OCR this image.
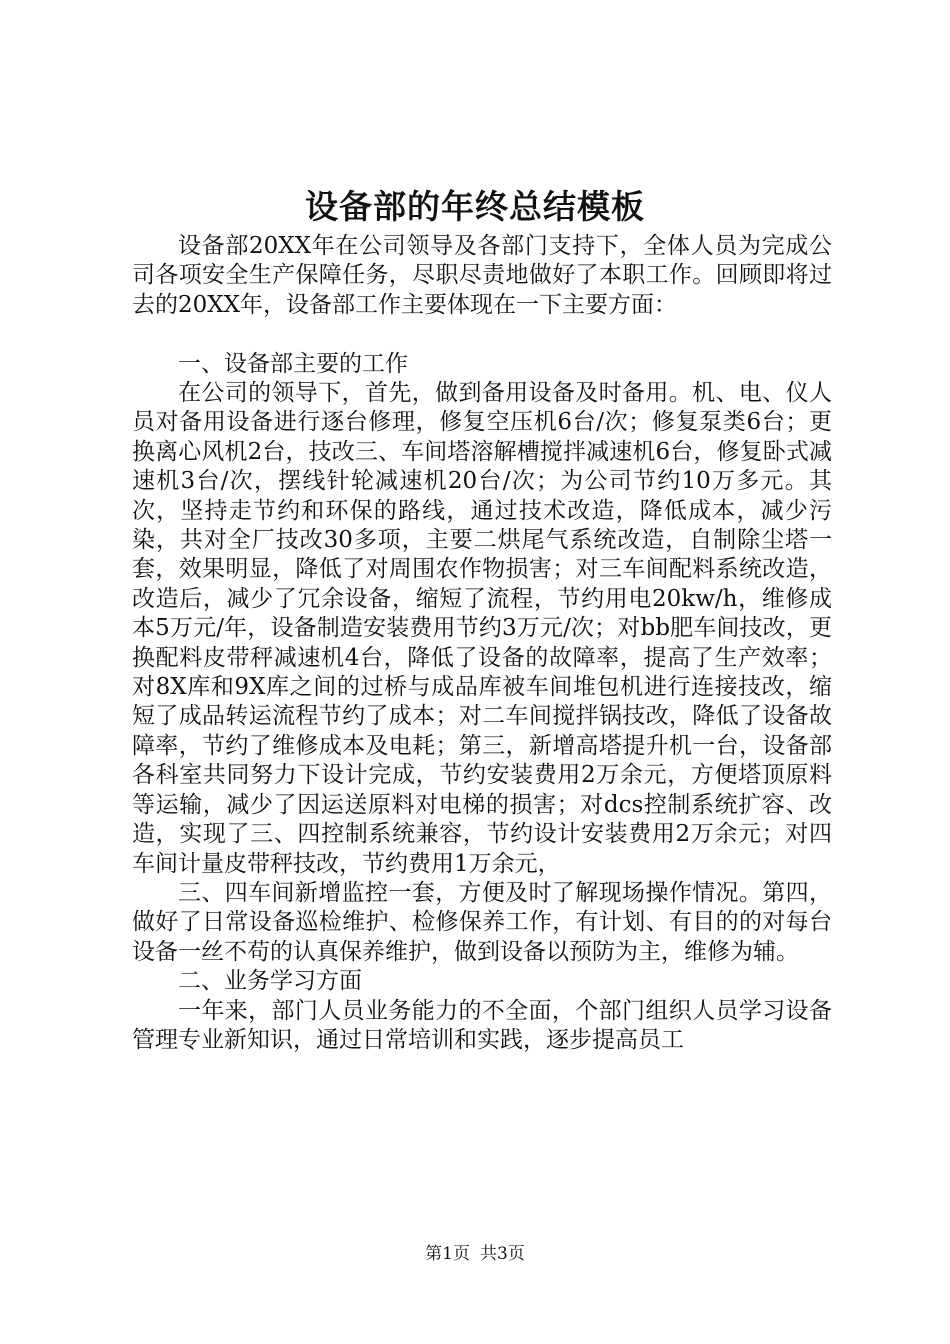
设备部的年终总结模板

设备部20XX年在公司领导及各部门支持下，全体人员为完成公司各项安全生产保障任务，尽职尽责地做好了本职工作。回顾即将过去的20XX年，设备部工作主要体现在一下主要方面：

一、设备部主要的工作

在公司的领导下，首先，做到备用设备及时备用。机、电、仪人员对备用设备进行逐台修理，修复空压机6台/次；修复泵类6台；更换离心风机2台，技改三、车间塔溶解槽搅拌减速机6台，修复卧式减速机3台/次，摆线针轮减速机20台/次；为公司节约10万多元。其次，坚持走节约和环保的路线，通过技术改造，降低成本，减少污染，共对全厂技改30多项，主要二烘尾气系统改造，自制除尘塔一套，效果明显，降低了对周围农作物损害；对三车间配料系统改造，改造后，减少了冗余设备，缩短了流程，节约用电20kw/h，维修成本5万元/年，设备制造安装费用节约3万元/次；对bb肥车间技改，更换配料皮带秤减速机4台，降低了设备的故障率，提高了生产效率；对8X库和9X库之间的过桥与成品库被车间堆包机进行连接技改，缩短了成品转运流程节约了成本；对二车间搅拌锅技改，降低了设备故障率，节约了维修成本及电耗；第三，新增高塔提升机一台，设备部各科室共同努力下设计完成，节约安装费用2万余元，方便塔顶原料等运输，减少了因运送原料对电梯的损害；对dcs控制系统扩容、改造，实现了三、四控制系统兼容，节约设计安装费用2万余元；对四车间计量皮带秤技改，节约费用1万余元，

三、四车间新增监控一套，方便及时了解现场操作情况。第四，做好了日常设备巡检维护、检修保养工作，有计划、有目的的对每台设备一丝不苟的认真保养维护，做到设备以预防为主，维修为辅。

二、业务学习方面

一年来，部门人员业务能力的不全面，个部门组织人员学习设备管理专业新知识，通过日常培训和实践，逐步提高员工

第1页 共3页
